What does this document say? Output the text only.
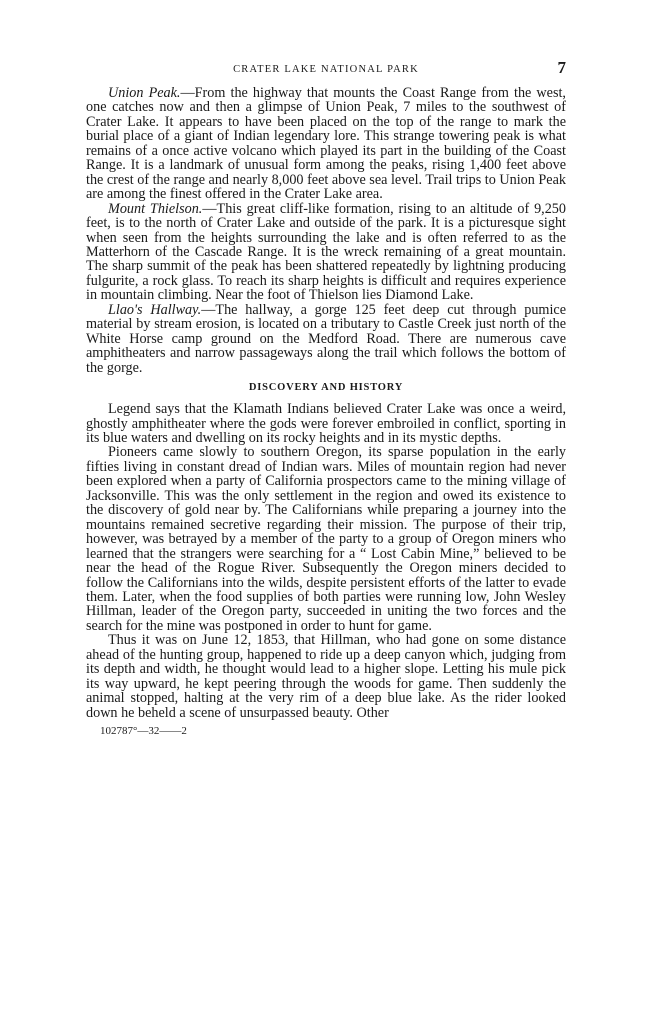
CRATER LAKE NATIONAL PARK	7

Union Peak.—From the highway that mounts the Coast Range from the west, one catches now and then a glimpse of Union Peak, 7 miles to the southwest of Crater Lake. It appears to have been placed on the top of the range to mark the burial place of a giant of Indian legendary lore. This strange towering peak is what remains of a once active volcano which played its part in the building of the Coast Range. It is a landmark of unusual form among the peaks, rising 1,400 feet above the crest of the range and nearly 8,000 feet above sea level. Trail trips to Union Peak are among the finest offered in the Crater Lake area.

Mount Thielson.—This great cliff-like formation, rising to an altitude of 9,250 feet, is to the north of Crater Lake and outside of the park. It is a picturesque sight when seen from the heights surrounding the lake and is often referred to as the Matterhorn of the Cascade Range. It is the wreck remaining of a great mountain. The sharp summit of the peak has been shattered repeatedly by lightning producing fulgurite, a rock glass. To reach its sharp heights is difficult and requires experience in mountain climbing. Near the foot of Thielson lies Diamond Lake.

Llao's Hallway.—The hallway, a gorge 125 feet deep cut through pumice material by stream erosion, is located on a tributary to Castle Creek just north of the White Horse camp ground on the Medford Road. There are numerous cave amphitheaters and narrow passageways along the trail which follows the bottom of the gorge.

DISCOVERY AND HISTORY

Legend says that the Klamath Indians believed Crater Lake was once a weird, ghostly amphitheater where the gods were forever embroiled in conflict, sporting in its blue waters and dwelling on its rocky heights and in its mystic depths.

Pioneers came slowly to southern Oregon, its sparse population in the early fifties living in constant dread of Indian wars. Miles of mountain region had never been explored when a party of California prospectors came to the mining village of Jacksonville. This was the only settlement in the region and owed its existence to the discovery of gold near by. The Californians while preparing a journey into the mountains remained secretive regarding their mission. The purpose of their trip, however, was betrayed by a member of the party to a group of Oregon miners who learned that the strangers were searching for a “ Lost Cabin Mine,” believed to be near the head of the Rogue River. Subsequently the Oregon miners decided to follow the Californians into the wilds, despite persistent efforts of the latter to evade them. Later, when the food supplies of both parties were running low, John Wesley Hillman, leader of the Oregon party, succeeded in uniting the two forces and the search for the mine was postponed in order to hunt for game.

Thus it was on June 12, 1853, that Hillman, who had gone on some distance ahead of the hunting group, happened to ride up a deep canyon which, judging from its depth and width, he thought would lead to a higher slope. Letting his mule pick its way upward, he kept peering through the woods for game. Then suddenly the animal stopped, halting at the very rim of a deep blue lake. As the rider looked down he beheld a scene of unsurpassed beauty. Other

102787°—32——2
